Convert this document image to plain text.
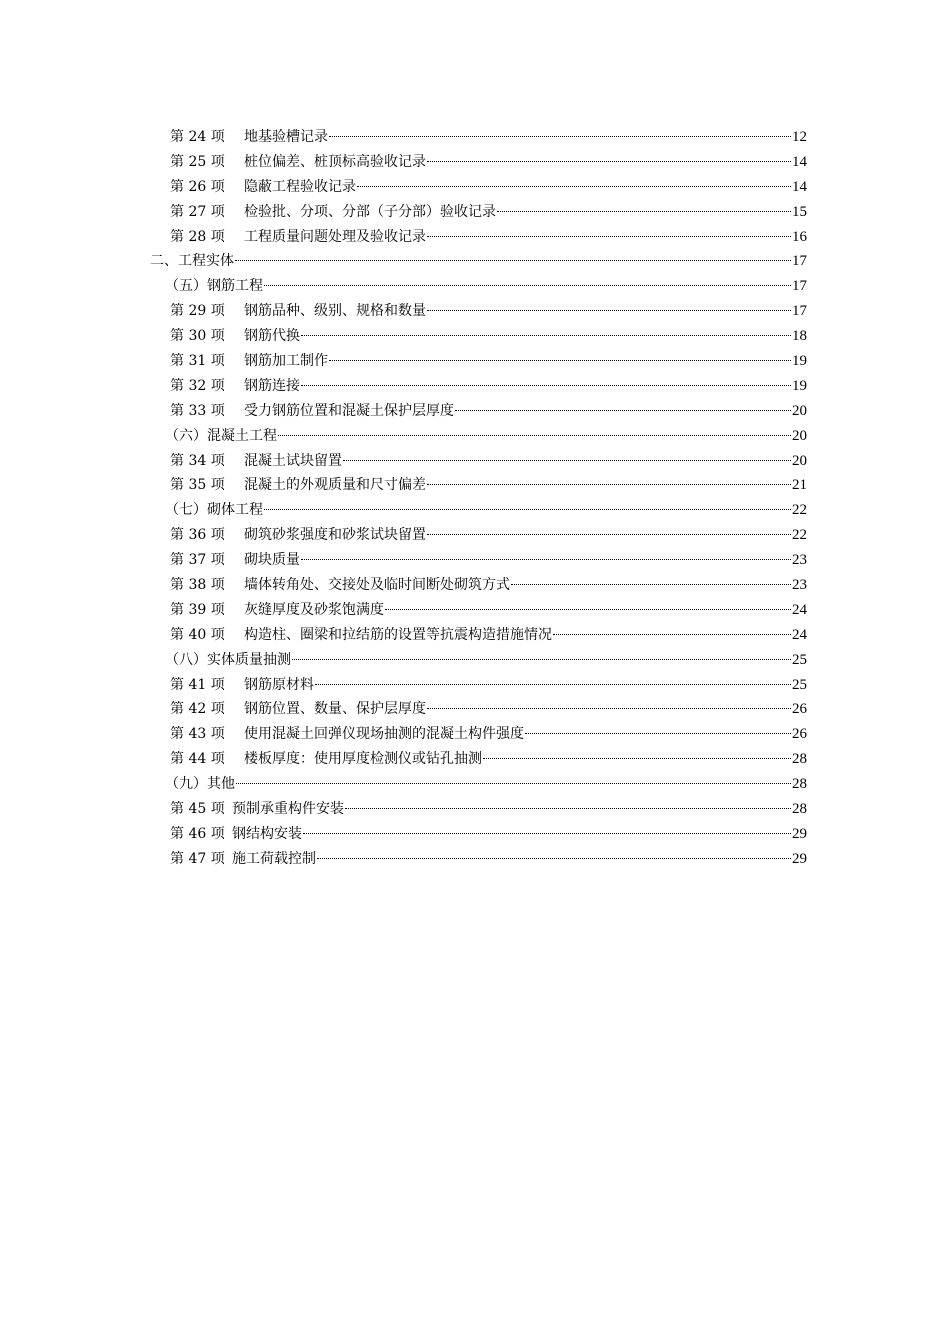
第 24 项	地基验槽记录	12
第 25 项	桩位偏差、桩顶标高验收记录	14
第 26 项	隐蔽工程验收记录	14
第 27 项	检验批、分项、分部（子分部）验收记录	15
第 28 项	工程质量问题处理及验收记录	16
二、工程实体	17
（五）钢筋工程	17
第 29 项	钢筋品种、级别、规格和数量	17
第 30 项	钢筋代换	18
第 31 项	钢筋加工制作	19
第 32 项	钢筋连接	19
第 33 项	受力钢筋位置和混凝土保护层厚度	20
（六）混凝土工程	20
第 34 项	混凝土试块留置	20
第 35 项	混凝土的外观质量和尺寸偏差	21
（七）砌体工程	22
第 36 项	砌筑砂浆强度和砂浆试块留置	22
第 37 项	砌块质量	23
第 38 项	墙体转角处、交接处及临时间断处砌筑方式	23
第 39 项	灰缝厚度及砂浆饱满度	24
第 40 项	构造柱、圈梁和拉结筋的设置等抗震构造措施情况	24
（八）实体质量抽测	25
第 41 项	钢筋原材料	25
第 42 项	钢筋位置、数量、保护层厚度	26
第 43 项	使用混凝土回弹仪现场抽测的混凝土构件强度	26
第 44 项	楼板厚度：使用厚度检测仪或钻孔抽测	28
（九）其他	28
第 45 项 预制承重构件安装	28
第 46 项 钢结构安装	29
第 47 项 施工荷载控制	29
